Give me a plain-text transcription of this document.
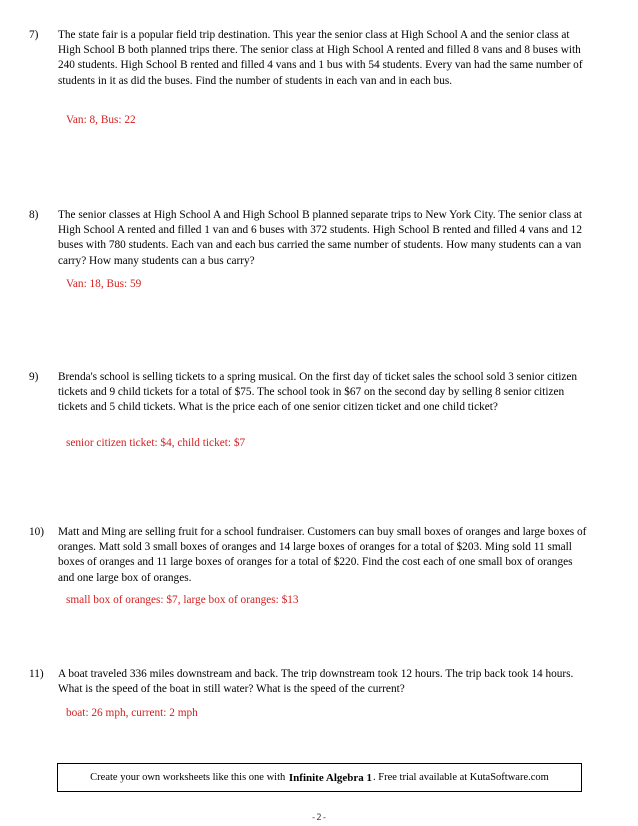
7) The state fair is a popular field trip destination. This year the senior class at High School A and the senior class at High School B both planned trips there. The senior class at High School A rented and filled 8 vans and 8 buses with 240 students. High School B rented and filled 4 vans and 1 bus with 54 students. Every van had the same number of students in it as did the buses. Find the number of students in each van and in each bus.
Van: 8, Bus: 22
8) The senior classes at High School A and High School B planned separate trips to New York City. The senior class at High School A rented and filled 1 van and 6 buses with 372 students. High School B rented and filled 4 vans and 12 buses with 780 students. Each van and each bus carried the same number of students. How many students can a van carry? How many students can a bus carry?
Van: 18, Bus: 59
9) Brenda's school is selling tickets to a spring musical. On the first day of ticket sales the school sold 3 senior citizen tickets and 9 child tickets for a total of $75. The school took in $67 on the second day by selling 8 senior citizen tickets and 5 child tickets. What is the price each of one senior citizen ticket and one child ticket?
senior citizen ticket: $4, child ticket: $7
10) Matt and Ming are selling fruit for a school fundraiser. Customers can buy small boxes of oranges and large boxes of oranges. Matt sold 3 small boxes of oranges and 14 large boxes of oranges for a total of $203. Ming sold 11 small boxes of oranges and 11 large boxes of oranges for a total of $220. Find the cost each of one small box of oranges and one large box of oranges.
small box of oranges: $7, large box of oranges: $13
11) A boat traveled 336 miles downstream and back. The trip downstream took 12 hours. The trip back took 14 hours. What is the speed of the boat in still water? What is the speed of the current?
boat: 26 mph, current: 2 mph
Create your own worksheets like this one with
Infinite Algebra 1 . Free trial available at KutaSoftware.com
-2-
